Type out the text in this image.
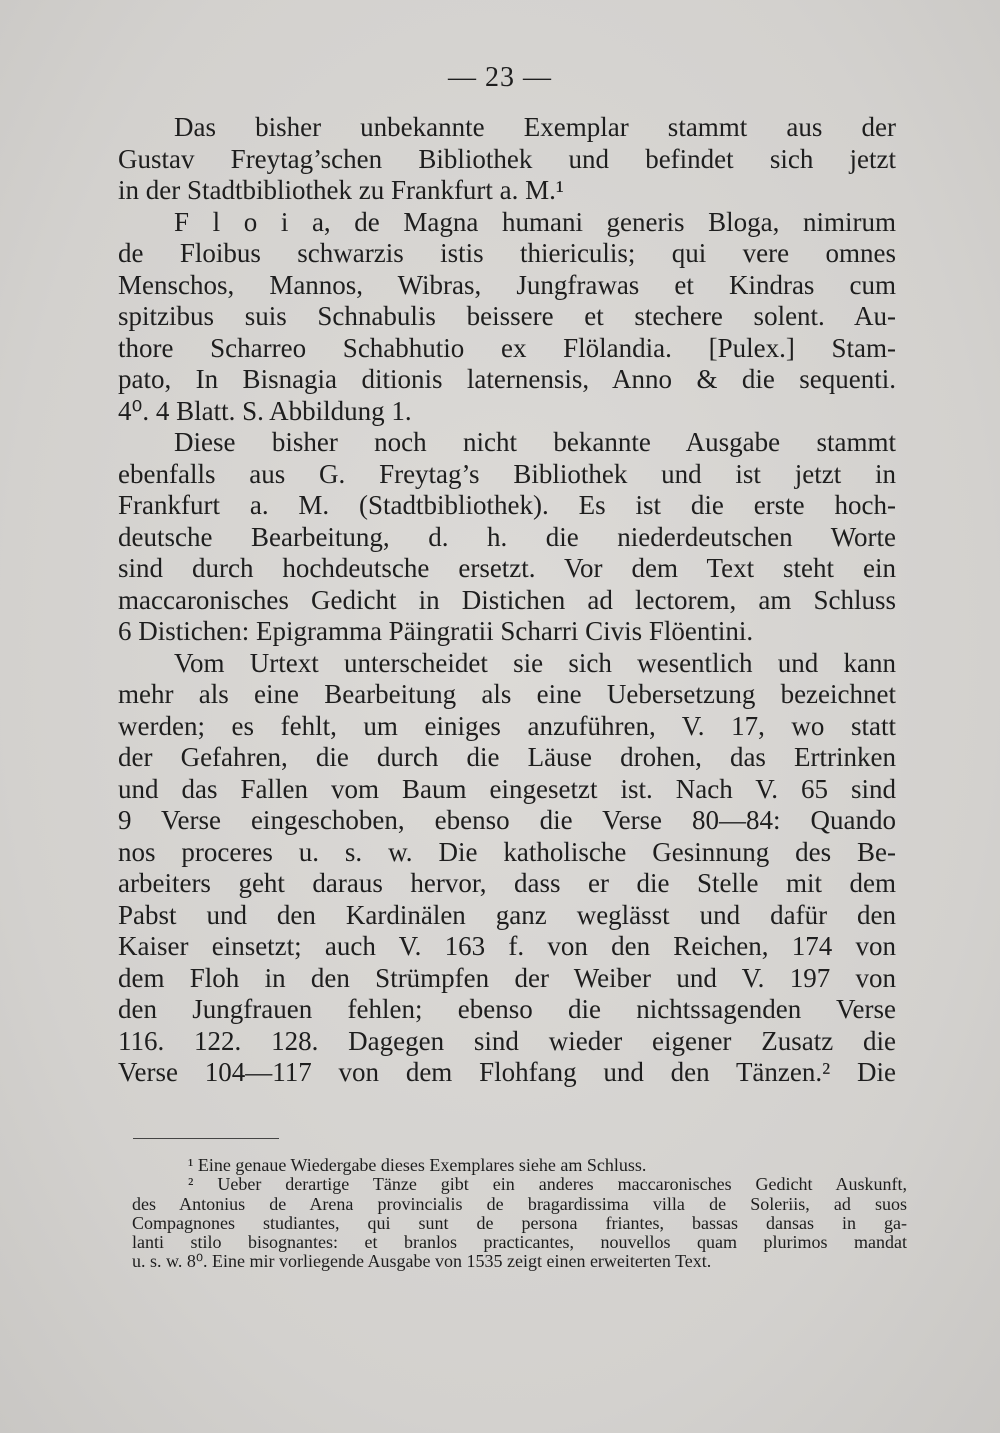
— 23 —
Das bisher unbekannte Exemplar stammt aus der
Gustav Freytag’schen Bibliothek und befindet sich jetzt
in der Stadtbibliothek zu Frankfurt a. M.¹
F l o i a, de Magna humani generis Bloga, nimirum
de Floibus schwarzis istis thiericulis; qui vere omnes
Menschos, Mannos, Wibras, Jungfrawas et Kindras cum
spitzibus suis Schnabulis beissere et stechere solent. Au-
thore Scharreo Schabhutio ex Flölandia. [Pulex.] Stam-
pato, In Bisnagia ditionis laternensis, Anno & die sequenti.
4⁰. 4 Blatt. S. Abbildung 1.
Diese bisher noch nicht bekannte Ausgabe stammt
ebenfalls aus G. Freytag’s Bibliothek und ist jetzt in
Frankfurt a. M. (Stadtbibliothek). Es ist die erste hoch-
deutsche Bearbeitung, d. h. die niederdeutschen Worte
sind durch hochdeutsche ersetzt. Vor dem Text steht ein
maccaronisches Gedicht in Distichen ad lectorem, am Schluss
6 Distichen: Epigramma Päingratii Scharri Civis Flöentini.
Vom Urtext unterscheidet sie sich wesentlich und kann
mehr als eine Bearbeitung als eine Uebersetzung bezeichnet
werden; es fehlt, um einiges anzuführen, V. 17, wo statt
der Gefahren, die durch die Läuse drohen, das Ertrinken
und das Fallen vom Baum eingesetzt ist. Nach V. 65 sind
9 Verse eingeschoben, ebenso die Verse 80—84: Quando
nos proceres u. s. w. Die katholische Gesinnung des Be-
arbeiters geht daraus hervor, dass er die Stelle mit dem
Pabst und den Kardinälen ganz weglässt und dafür den
Kaiser einsetzt; auch V. 163 f. von den Reichen, 174 von
dem Floh in den Strümpfen der Weiber und V. 197 von
den Jungfrauen fehlen; ebenso die nichtssagenden Verse
116. 122. 128. Dagegen sind wieder eigener Zusatz die
Verse 104—117 von dem Flohfang und den Tänzen.² Die
¹ Eine genaue Wiedergabe dieses Exemplares siehe am Schluss.
² Ueber derartige Tänze gibt ein anderes maccaronisches Gedicht Auskunft,
des Antonius de Arena provincialis de bragardissima villa de Soleriis, ad suos
Compagnones studiantes, qui sunt de persona friantes, bassas dansas in ga-
lanti stilo bisognantes: et branlos practicantes, nouvellos quam plurimos mandat
u. s. w. 8⁰. Eine mir vorliegende Ausgabe von 1535 zeigt einen erweiterten Text.
